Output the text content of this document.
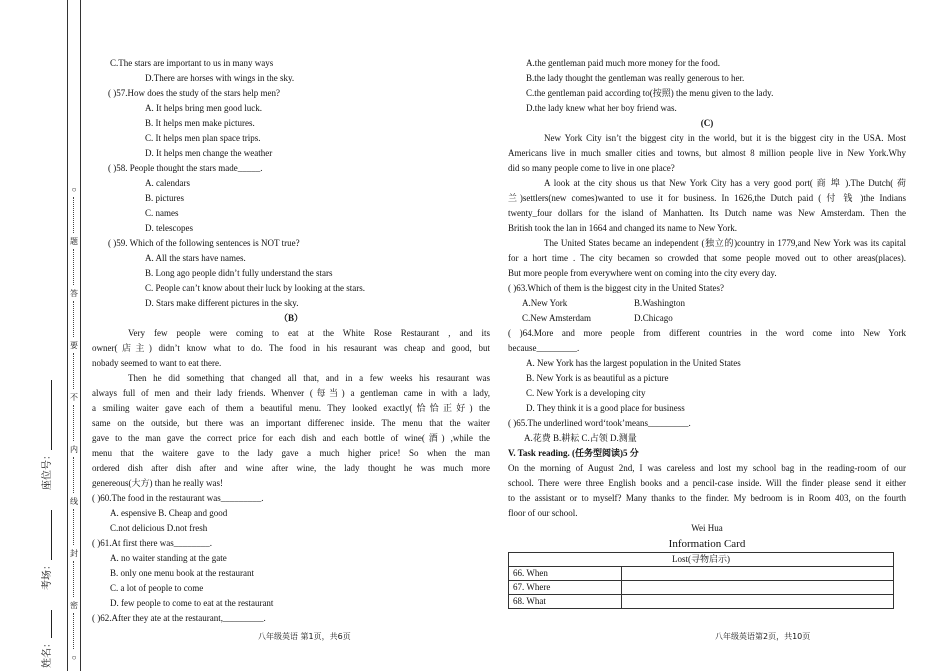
○
题
答
要
不
内
线
封
密
○
座位号：
考场：
姓名：
C.The stars are important to us in many ways
D.There are horses with wings in the sky.
( )57.How does the study of the stars help men?
A. It helps bring men good luck.
B. It helps men make pictures.
C. It helps men plan space trips.
D. It helps men change the weather
( )58. People thought the stars made_____.
A. calendars
B. pictures
C. names
D. telescopes
( )59. Which of the following sentences is NOT true?
A. All the stars have names.
B. Long ago people didn’t fully understand the stars
C. People can’t know about their luck by looking at the stars.
D. Stars make different pictures in the sky.
（B）
Very few people were coming to eat at the White Rose Restaurant , and its
owner(店主) didn’t know what to do. The food in his resaurant was cheap and good, but
nobady seemed to want to eat there.
Then he did something that changed all that, and in a few weeks his resaurant was
always full of men and their lady friends. Whenver (每当) a gentleman came in with a lady,
a smiling waiter gave each of them a beautiful menu. They looked exactly(恰恰正好) the
same on the outside, but there was an important differenec inside. The menu that the waiter
gave to the man gave the correct price for each dish and each bottle of wine(酒) ,while the
menu that the waitere gave to the lady gave a much higher price! So when the man
ordered dish after dish after and wine after wine, the lady thought he was much more
genereous(大方) than he really was!
( )60.The food in the restaurant was_________.
A. espensive B. Cheap and good
C.not delicious D.not fresh
( )61.At first there was________.
A. no waiter standing at the gate
B. only one menu book at the restaurant
C. a lot of people to come
D. few people to come to eat at the restaurant
( )62.After they ate at the restaurant,_________.
八年级英语 第1页，共6页
A.the gentleman paid much more money for the food.
B.the lady thought the gentleman was really generous to her.
C.the gentleman paid according to(按照) the menu given to the lady.
D.the lady knew what her boy friend was.
(C)
New York City isn’t the biggest city in the world, but it is the biggest city in the USA. Most
Americans live in much smaller cities and towns, but almost 8 million people live in New York.Why
did so many people come to live in one place?
A look at the city shous us that New York City has a very good port( 商 埠 ).The Dutch( 荷
兰)settlers(new comes)wanted to use it for business. In 1626,the Dutch paid ( 付 钱 )the Indians
twenty_four dollars for the island of Manhatten. Its Dutch name was New Amsterdam. Then the
British took the lan in 1664 and changed its name to New York.
The United States became an independent (独立的)country in 1779,and New York was its capital
for a hort time . The city becamen so crowded that some people moved out to other areas(places).
But more people from everywhere went on coming into the city every day.
( )63.Which of them is the biggest city in the United States?
A.New York	B.Washington
C.New Amsterdam	D.Chicago
( )64.More and more people from different countries in the word come into New York
because_________.
A. New York has the largest population in the United States
B. New York is as beautiful as a picture
C. New York is a developing city
D. They think it is a good place for business
( )65.The underlined word‘took’means_________.
A.花费 B.耕耘 C.占领 D.测量
V. Task reading. (任务型阅读)5 分
On the morning of August 2nd, I was careless and lost my school bag in the reading-room of our
school. There were three English books and a pencil-case inside. Will the finder please send it either
to the assistant or to myself? Many thanks to the finder. My bedroom is in Room 403, on the fourth
floor of our school.
Wei Hua
Information Card
Lost(寻物启示)	
66. When	
67. Where	
68. What	
八年级英语第2页，共10页
